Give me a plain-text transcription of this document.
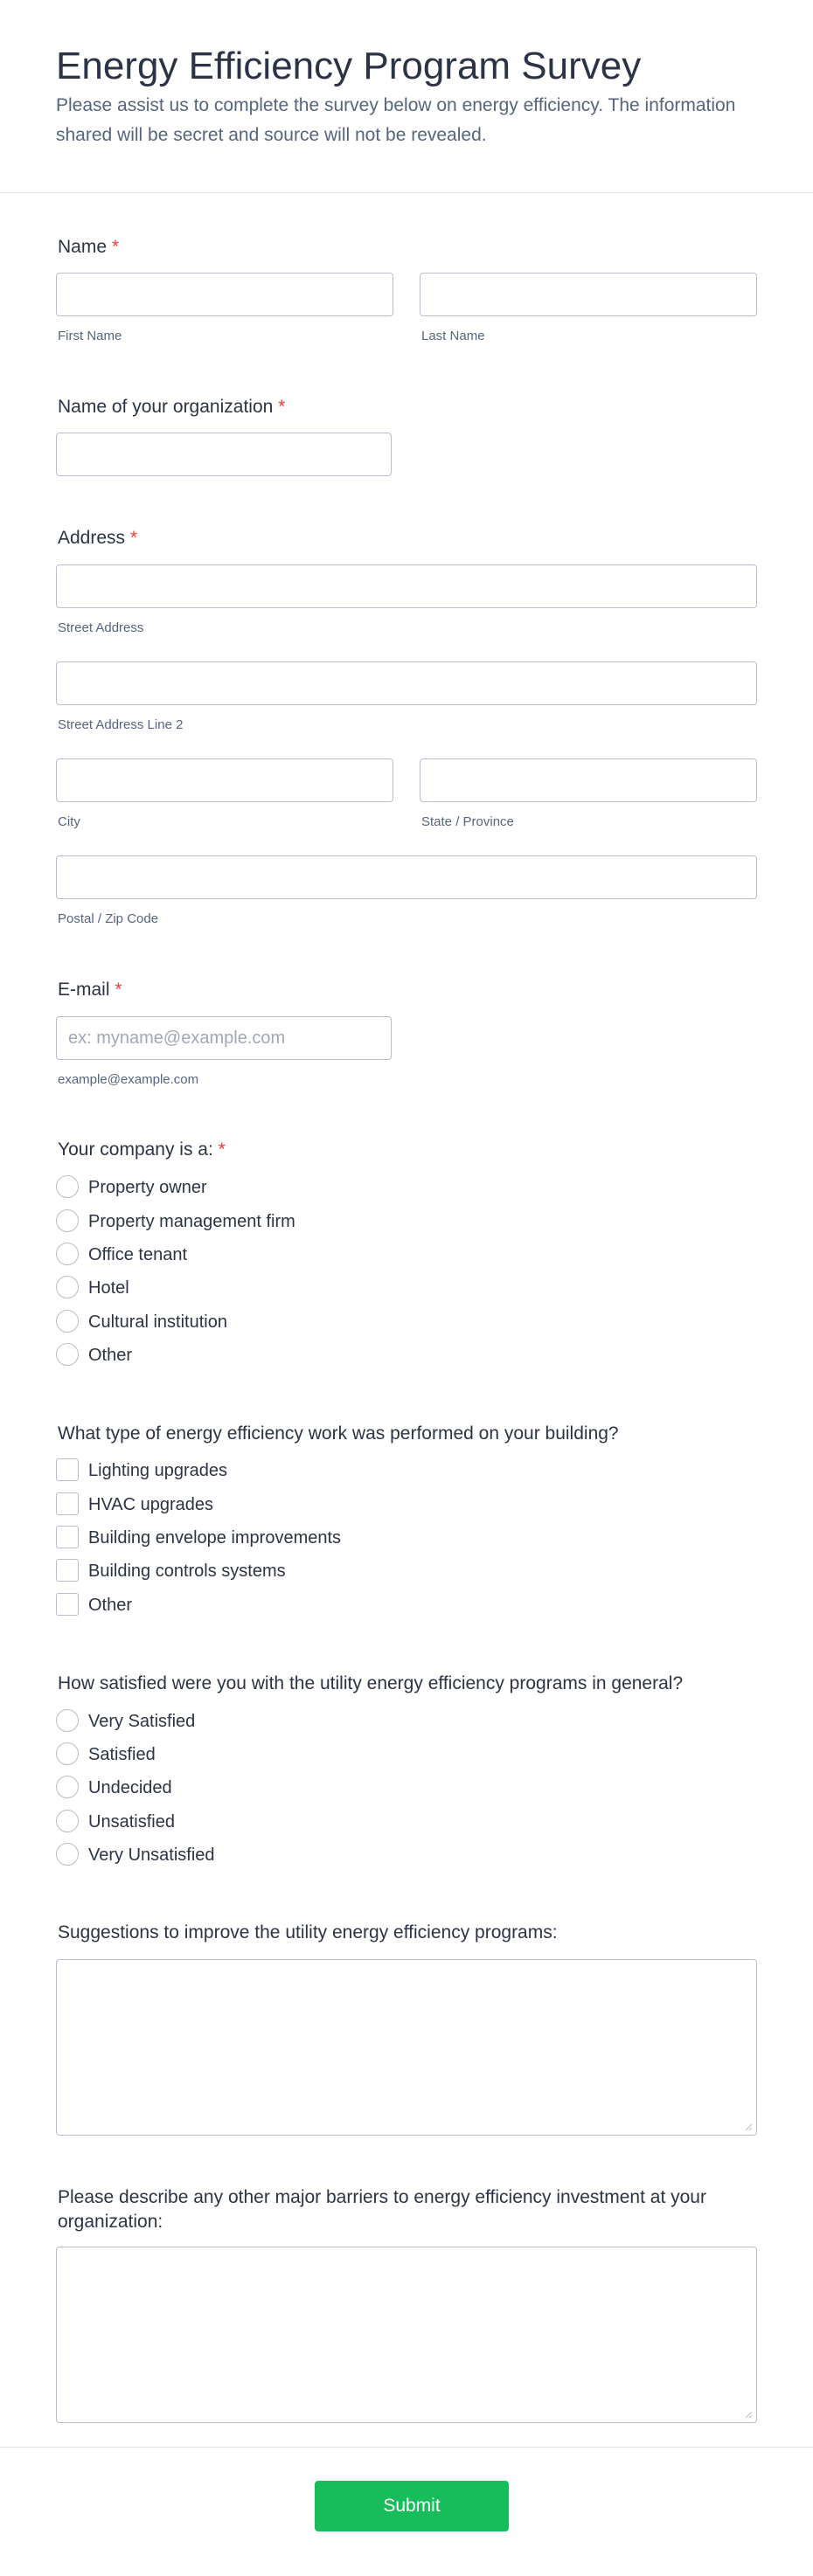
Energy Efficiency Program Survey
Please assist us to complete the survey below on energy efficiency. The information shared will be secret and source will not be revealed.
Name *
First Name	Last Name
Name of your organization *
Address *
Street Address
Street Address Line 2
City	State / Province
Postal / Zip Code
E-mail *
ex: myname@example.com
example@example.com
Your company is a: *
Property owner
Property management firm
Office tenant
Hotel
Cultural institution
Other
What type of energy efficiency work was performed on your building?
Lighting upgrades
HVAC upgrades
Building envelope improvements
Building controls systems
Other
How satisfied were you with the utility energy efficiency programs in general?
Very Satisfied
Satisfied
Undecided
Unsatisfied
Very Unsatisfied
Suggestions to improve the utility energy efficiency programs:
Please describe any other major barriers to energy efficiency investment at your organization:
Submit
